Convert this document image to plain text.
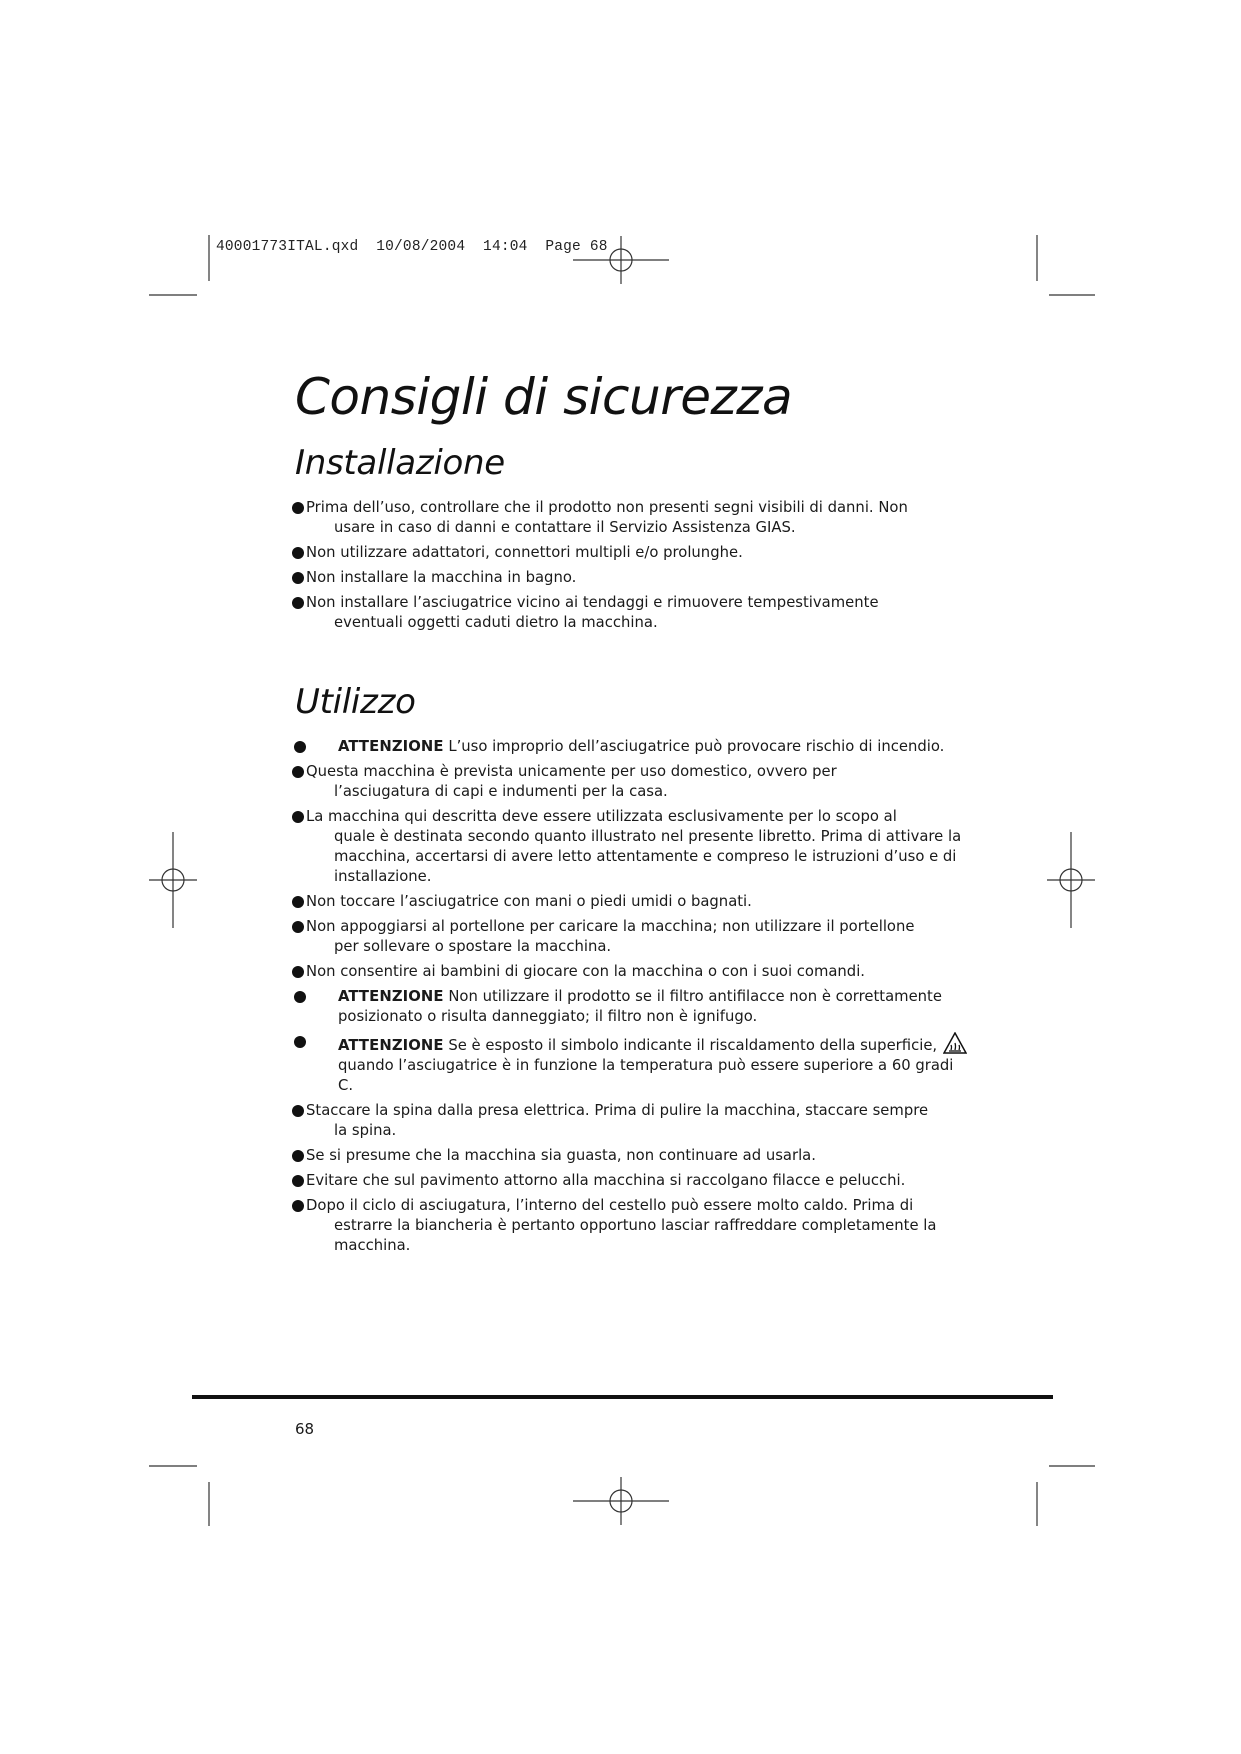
40001773ITAL.qxd  10/08/2004  14:04  Page 68
Consigli di sicurezza
Installazione
Prima dell’uso, controllare che il prodotto non presenti segni visibili di danni. Non
usare in caso di danni e contattare il Servizio Assistenza GIAS.
Non utilizzare adattatori, connettori multipli e/o prolunghe.
Non installare la macchina in bagno.
Non installare l’asciugatrice vicino ai tendaggi e rimuovere tempestivamente
eventuali oggetti caduti dietro la macchina.
Utilizzo
ATTENZIONE L’uso improprio dell’asciugatrice può provocare rischio di incendio.
Questa macchina è prevista unicamente per uso domestico, ovvero per
l’asciugatura di capi e indumenti per la casa.
La macchina qui descritta deve essere utilizzata esclusivamente per lo scopo al
quale è destinata secondo quanto illustrato nel presente libretto. Prima di attivare la macchina, accertarsi di avere letto attentamente e compreso le istruzioni d’uso e di installazione.
Non toccare l’asciugatrice con mani o piedi umidi o bagnati.
Non appoggiarsi al portellone per caricare la macchina; non utilizzare il portellone
per sollevare o spostare la macchina.
Non consentire ai bambini di giocare con la macchina o con i suoi comandi.
ATTENZIONE Non utilizzare il prodotto se il filtro antifilacce non è correttamente posizionato o risulta danneggiato; il filtro non è ignifugo.
ATTENZIONE Se è esposto il simbolo indicante il riscaldamento della superficie, quando l’asciugatrice è in funzione la temperatura può essere superiore a 60 gradi C.
Staccare la spina dalla presa elettrica. Prima di pulire la macchina, staccare sempre
la spina.
Se si presume che la macchina sia guasta, non continuare ad usarla.
Evitare che sul pavimento attorno alla macchina si raccolgano filacce e pelucchi.
Dopo il ciclo di asciugatura, l’interno del cestello può essere molto caldo. Prima di
estrarre la biancheria è pertanto opportuno lasciar raffreddare completamente la macchina.
68
